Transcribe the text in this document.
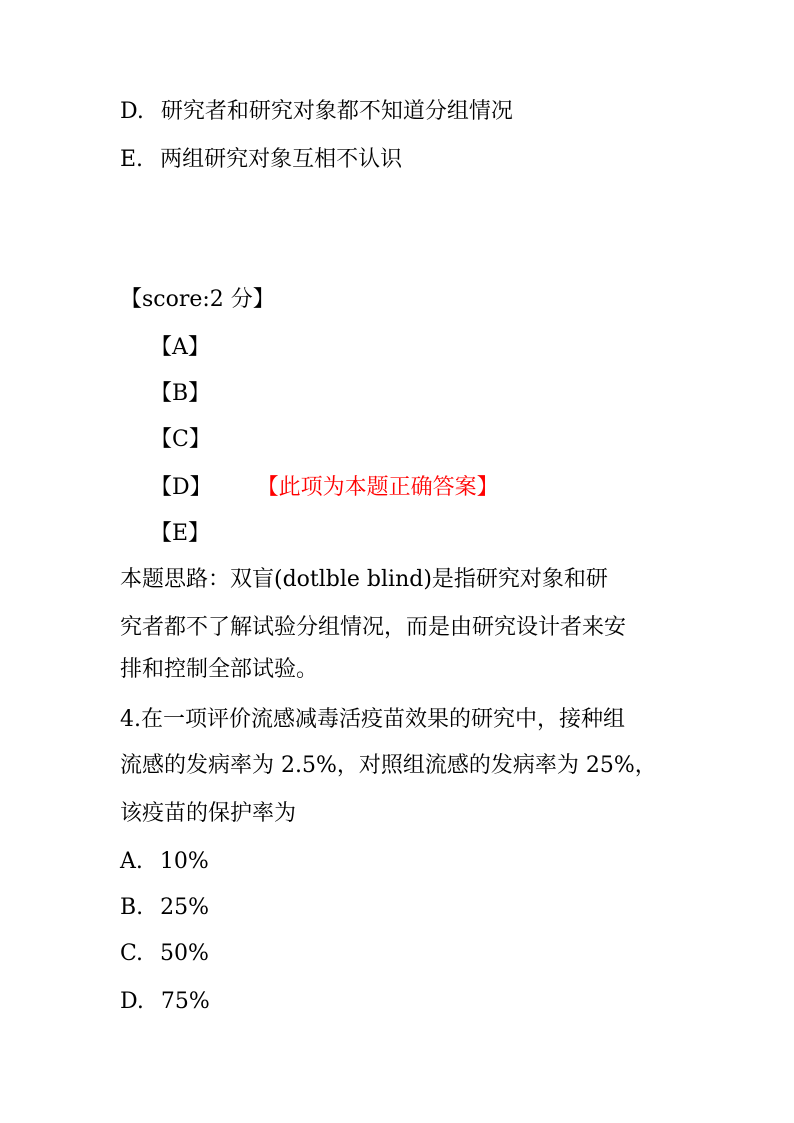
D. 研究者和研究对象都不知道分组情况
E. 两组研究对象互相不认识
【score:2 分】
【A】
【B】
【C】
【D】 【此项为本题正确答案】
【E】
本题思路：双盲(dotlble blind)是指研究对象和研
究者都不了解试验分组情况，而是由研究设计者来安
排和控制全部试验。
4.在一项评价流感减毒活疫苗效果的研究中，接种组
流感的发病率为 2.5%，对照组流感的发病率为 25%，
该疫苗的保护率为
A. 10%
B. 25%
C. 50%
D. 75%
